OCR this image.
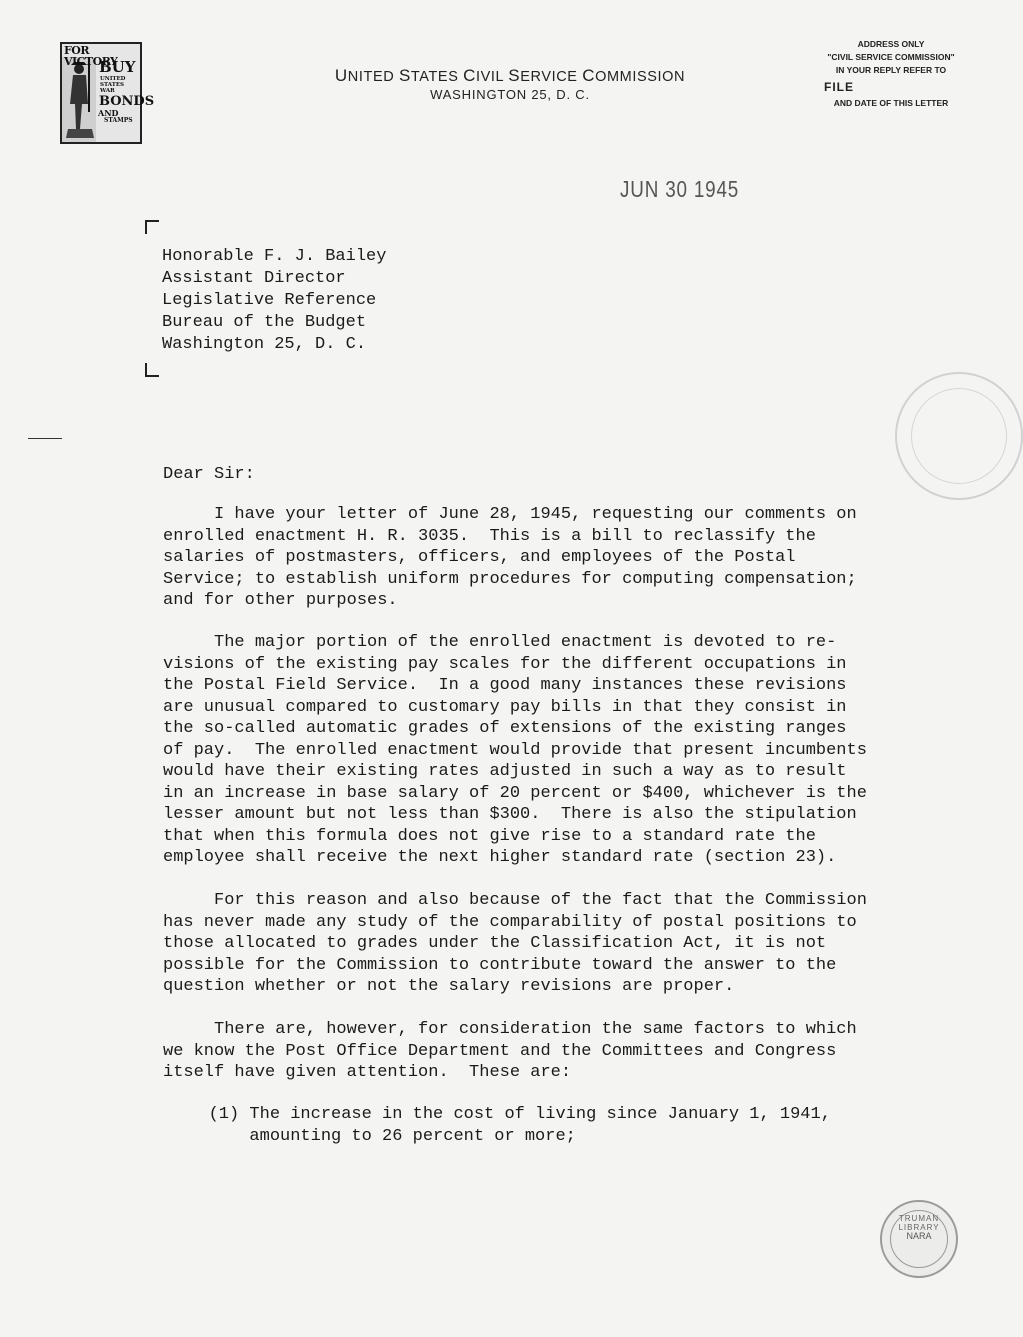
FOR VICTORY
BUY
UNITED
STATES
WAR
BONDS
AND
STAMPS
UNITED STATES CIVIL SERVICE COMMISSION
WASHINGTON 25, D. C.
ADDRESS ONLY
"CIVIL SERVICE COMMISSION"
IN YOUR REPLY REFER TO
FILE
AND DATE OF THIS LETTER
JUN 30 1945
Honorable F. J. Bailey
Assistant Director
Legislative Reference
Bureau of the Budget
Washington 25, D. C.
Dear Sir:
I have your letter of June 28, 1945, requesting our comments on
enrolled enactment H. R. 3035.  This is a bill to reclassify the
salaries of postmasters, officers, and employees of the Postal
Service; to establish uniform procedures for computing compensation;
and for other purposes.
The major portion of the enrolled enactment is devoted to re-
visions of the existing pay scales for the different occupations in
the Postal Field Service.  In a good many instances these revisions
are unusual compared to customary pay bills in that they consist in
the so-called automatic grades of extensions of the existing ranges
of pay.  The enrolled enactment would provide that present incumbents
would have their existing rates adjusted in such a way as to result
in an increase in base salary of 20 percent or $400, whichever is the
lesser amount but not less than $300.  There is also the stipulation
that when this formula does not give rise to a standard rate the
employee shall receive the next higher standard rate (section 23).
For this reason and also because of the fact that the Commission
has never made any study of the comparability of postal positions to
those allocated to grades under the Classification Act, it is not
possible for the Commission to contribute toward the answer to the
question whether or not the salary revisions are proper.
There are, however, for consideration the same factors to which
we know the Post Office Department and the Committees and Congress
itself have given attention.  These are:
(1) The increase in the cost of living since January 1, 1941,
amounting to 26 percent or more;
TRUMAN LIBRARY
NARA
